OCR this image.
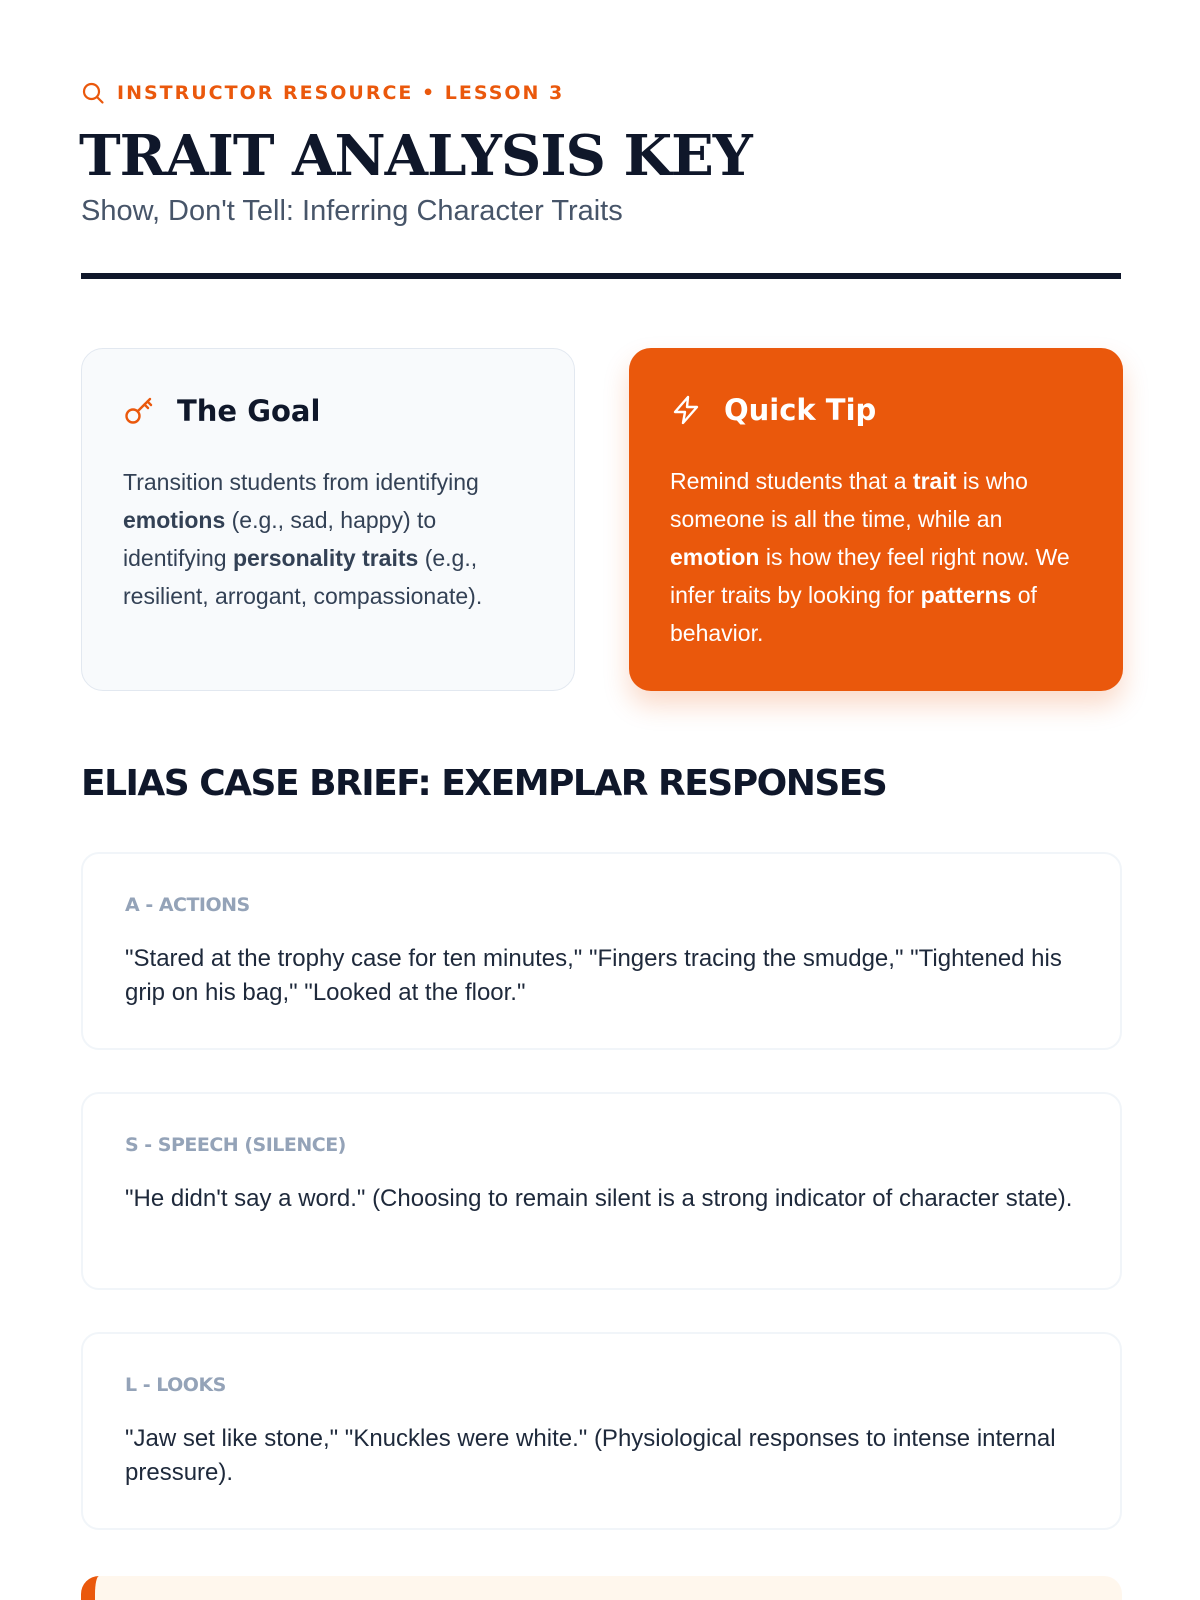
INSTRUCTOR RESOURCE • LESSON 3
TRAIT ANALYSIS KEY
Show, Don't Tell: Inferring Character Traits
The Goal

Transition students from identifying emotions (e.g., sad, happy) to identifying personality traits (e.g., resilient, arrogant, compassionate).

Quick Tip

Remind students that a trait is who someone is all the time, while an emotion is how they feel right now. We infer traits by looking for patterns of behavior.

ELIAS CASE BRIEF: EXEMPLAR RESPONSES
A - ACTIONS

"Stared at the trophy case for ten minutes," "Fingers tracing the smudge," "Tightened his grip on his bag," "Looked at the floor."

S - SPEECH (SILENCE)

"He didn't say a word." (Choosing to remain silent is a strong indicator of character state).

L - LOOKS

"Jaw set like stone," "Knuckles were white." (Physiological responses to intense internal pressure).
